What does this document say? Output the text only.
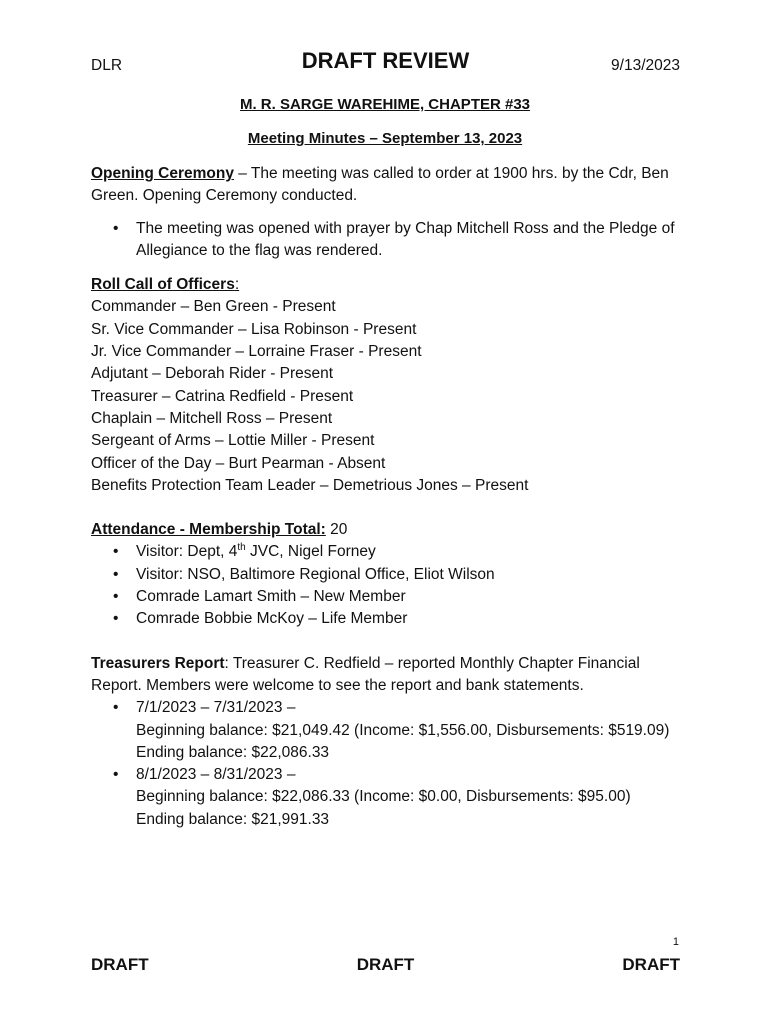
DLR	DRAFT REVIEW	9/13/2023
M. R. SARGE WAREHIME, CHAPTER #33
Meeting Minutes – September 13, 2023

Opening Ceremony – The meeting was called to order at 1900 hrs. by the Cdr, Ben Green. Opening Ceremony conducted.

• The meeting was opened with prayer by Chap Mitchell Ross and the Pledge of Allegiance to the flag was rendered.

Roll Call of Officers:

Commander – Ben Green - Present

Sr. Vice Commander – Lisa Robinson - Present

Jr. Vice Commander – Lorraine Fraser - Present

Adjutant – Deborah Rider - Present

Treasurer – Catrina Redfield - Present

Chaplain – Mitchell Ross – Present

Sergeant of Arms – Lottie Miller - Present

Officer of the Day – Burt Pearman - Absent

Benefits Protection Team Leader – Demetrious Jones – Present

Attendance - Membership Total: 20

• Visitor: Dept, 4th JVC, Nigel Forney
• Visitor: NSO, Baltimore Regional Office, Eliot Wilson
• Comrade Lamart Smith – New Member
• Comrade Bobbie McKoy – Life Member

Treasurers Report: Treasurer C. Redfield – reported Monthly Chapter Financial Report. Members were welcome to see the report and bank statements.

• 7/1/2023 – 7/31/2023 –
Beginning balance: $21,049.42 (Income: $1,556.00, Disbursements: $519.09)
Ending balance: $22,086.33
• 8/1/2023 – 8/31/2023 –
Beginning balance: $22,086.33 (Income: $0.00, Disbursements: $95.00)
Ending balance: $21,991.33
1
DRAFT	DRAFT	DRAFT
